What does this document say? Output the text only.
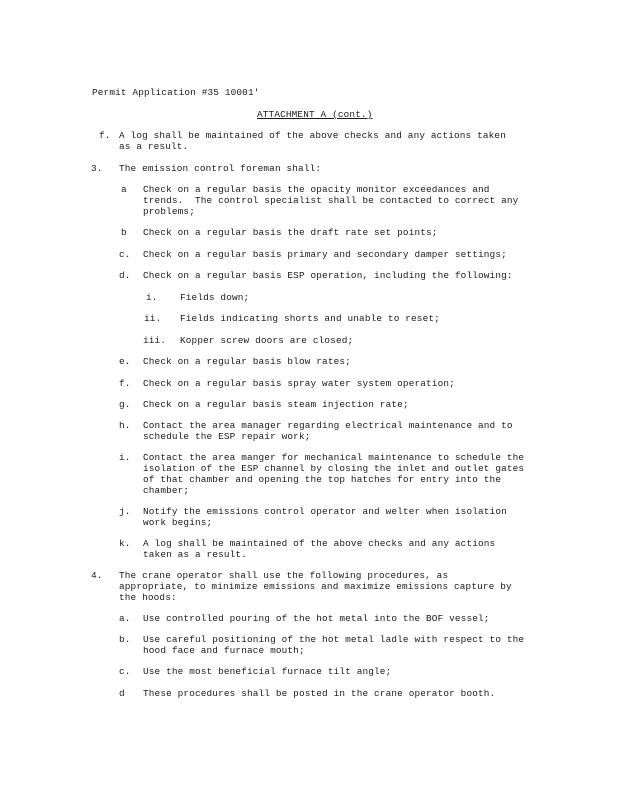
Permit Application #35 10001'
ATTACHMENT A (cont.)
f. A log shall be maintained of the above checks and any actions taken
as a result.
3. The emission control foreman shall:
a Check on a regular basis the opacity monitor exceedances and
trends.  The control specialist shall be contacted to correct any
problems;
b Check on a regular basis the draft rate set points;
c. Check on a regular basis primary and secondary damper settings;
d. Check on a regular basis ESP operation, including the following:
i. Fields down;
ii. Fields indicating shorts and unable to reset;
iii. Kopper screw doors are closed;
e. Check on a regular basis blow rates;
f. Check on a regular basis spray water system operation;
g. Check on a regular basis steam injection rate;
h. Contact the area manager regarding electrical maintenance and to
schedule the ESP repair work;
i. Contact the area manger for mechanical maintenance to schedule the
isolation of the ESP channel by closing the inlet and outlet gates
of that chamber and opening the top hatches for entry into the
chamber;
j. Notify the emissions control operator and welter when isolation
work begins;
k. A log shall be maintained of the above checks and any actions
taken as a result.
4. The crane operator shall use the following procedures, as
appropriate, to minimize emissions and maximize emissions capture by
the hoods:
a. Use controlled pouring of the hot metal into the BOF vessel;
b. Use careful positioning of the hot metal ladle with respect to the
hood face and furnace mouth;
c. Use the most beneficial furnace tilt angle;
d These procedures shall be posted in the crane operator booth.
